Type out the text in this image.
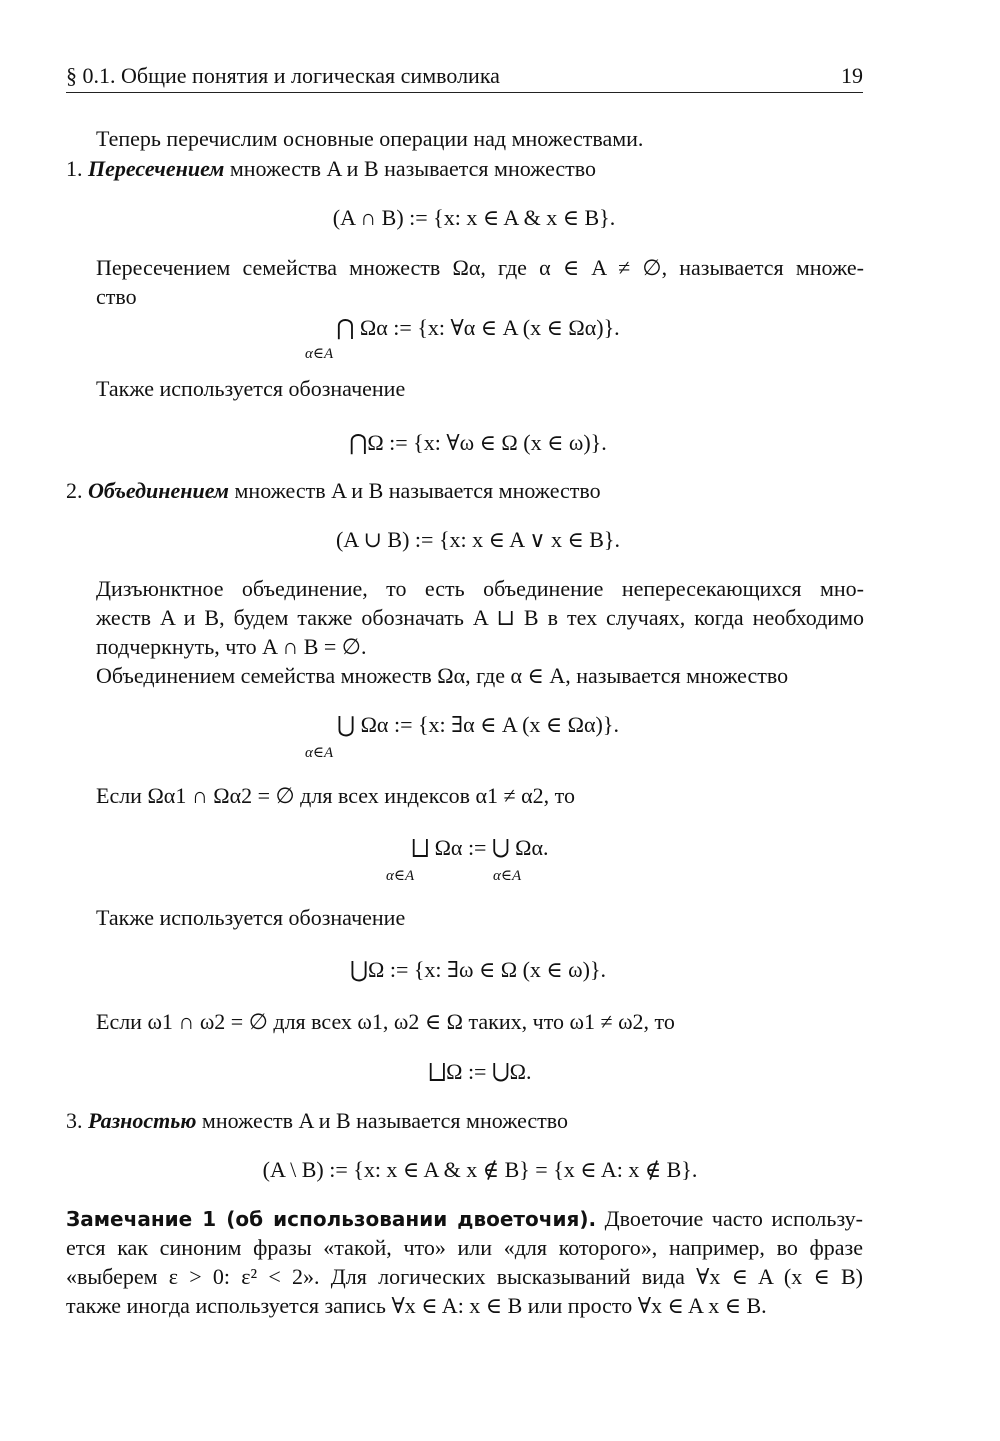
§ 0.1. Общие понятия и логическая символика	19
Теперь перечислим основные операции над множествами.
1. Пересечением множеств A и B называется множество
(A ∩ B) := {x: x ∈ A & x ∈ B}.
Пересечением семейства множеств Ωα, где α ∈ A ≠ ∅, называется множе-
ство
⋂ Ωα := {x: ∀α ∈ A (x ∈ Ωα)}.
α∈A
Также используется обозначение
⋂Ω := {x: ∀ω ∈ Ω (x ∈ ω)}.
2. Объединением множеств A и B называется множество
(A ∪ B) := {x: x ∈ A ∨ x ∈ B}.
Дизъюнктное объединение, то есть объединение непересекающихся мно-
жеств A и B, будем также обозначать A ⊔ B в тех случаях, когда необходимо
подчеркнуть, что A ∩ B = ∅.
Объединением семейства множеств Ωα, где α ∈ A, называется множество
⋃ Ωα := {x: ∃α ∈ A (x ∈ Ωα)}.
α∈A
Если Ωα1 ∩ Ωα2 = ∅ для всех индексов α1 ≠ α2, то
⨆ Ωα := ⋃ Ωα.
α∈A	α∈A
Также используется обозначение
⋃Ω := {x: ∃ω ∈ Ω (x ∈ ω)}.
Если ω1 ∩ ω2 = ∅ для всех ω1, ω2 ∈ Ω таких, что ω1 ≠ ω2, то
⨆Ω := ⋃Ω.
3. Разностью множеств A и B называется множество
(A \ B) := {x: x ∈ A & x ∉ B} = {x ∈ A: x ∉ B}.
Замечание 1 (об использовании двоеточия). Двоеточие часто использу-
ется как синоним фразы «такой, что» или «для которого», например, во фразе
«выберем ε > 0: ε² < 2». Для логических высказываний вида ∀x ∈ A (x ∈ B)
также иногда используется запись ∀x ∈ A: x ∈ B или просто ∀x ∈ A x ∈ B.
